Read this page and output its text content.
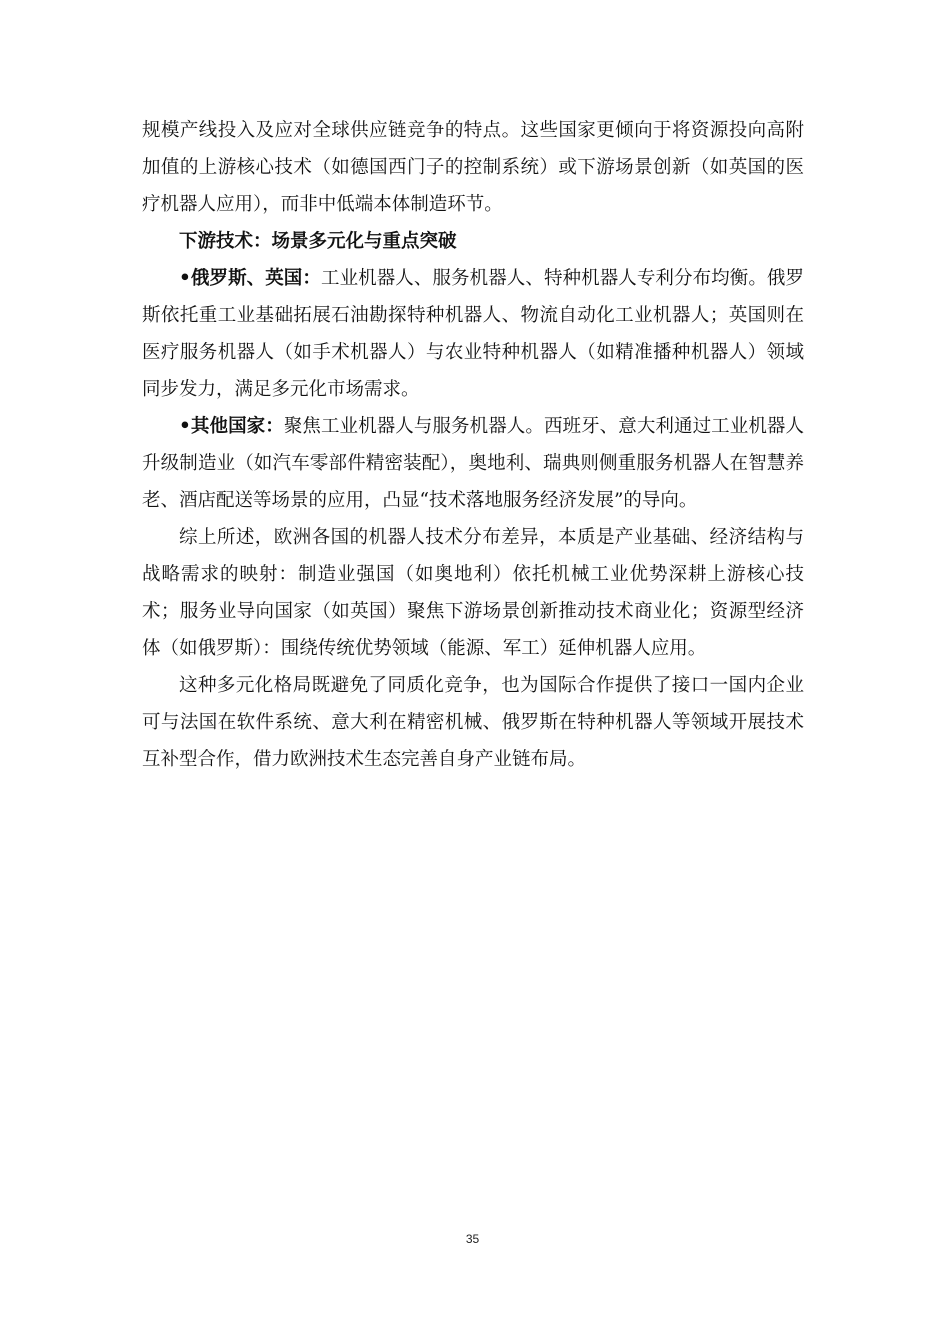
规模产线投入及应对全球供应链竞争的特点。这些国家更倾向于将资源投向高附加值的上游核心技术（如德国西门子的控制系统）或下游场景创新（如英国的医疗机器人应用），而非中低端本体制造环节。

下游技术：场景多元化与重点突破

•俄罗斯、英国：工业机器人、服务机器人、特种机器人专利分布均衡。俄罗斯依托重工业基础拓展石油勘探特种机器人、物流自动化工业机器人；英国则在医疗服务机器人（如手术机器人）与农业特种机器人（如精准播种机器人）领域同步发力，满足多元化市场需求。

•其他国家：聚焦工业机器人与服务机器人。西班牙、意大利通过工业机器人升级制造业（如汽车零部件精密装配），奥地利、瑞典则侧重服务机器人在智慧养老、酒店配送等场景的应用，凸显“技术落地服务经济发展”的导向。

综上所述，欧洲各国的机器人技术分布差异，本质是产业基础、经济结构与战略需求的映射：制造业强国（如奥地利）依托机械工业优势深耕上游核心技术；服务业导向国家（如英国）聚焦下游场景创新推动技术商业化；资源型经济体（如俄罗斯）：围绕传统优势领域（能源、军工）延伸机器人应用。

这种多元化格局既避免了同质化竞争，也为国际合作提供了接口一国内企业可与法国在软件系统、意大利在精密机械、俄罗斯在特种机器人等领域开展技术互补型合作，借力欧洲技术生态完善自身产业链布局。

35
